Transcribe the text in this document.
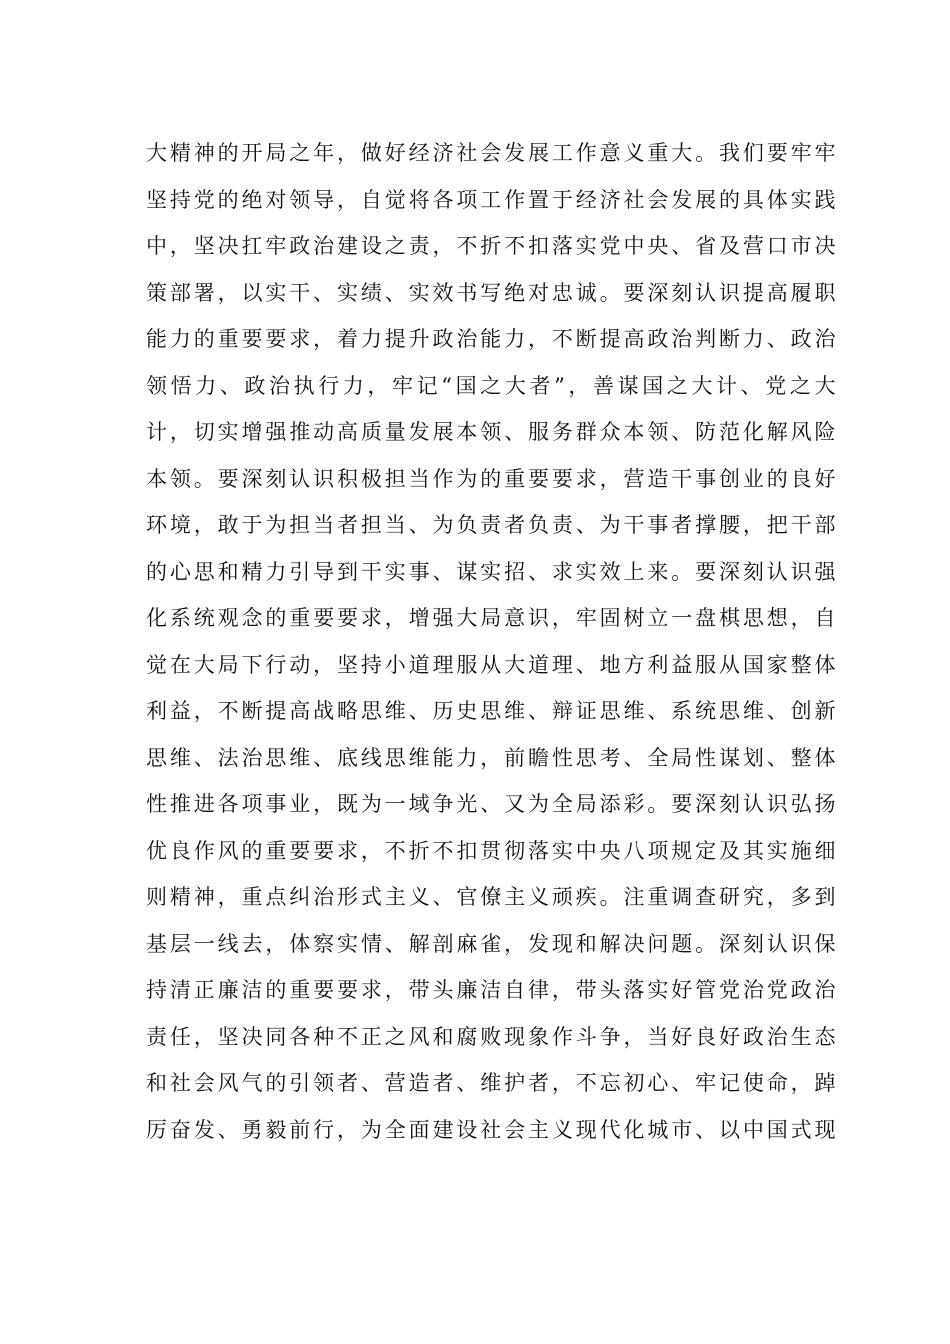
大精神的开局之年，做好经济社会发展工作意义重大。我们要牢牢
坚持党的绝对领导，自觉将各项工作置于经济社会发展的具体实践
中，坚决扛牢政治建设之责，不折不扣落实党中央、省及营口市决
策部署，以实干、实绩、实效书写绝对忠诚。要深刻认识提高履职
能力的重要要求，着力提升政治能力，不断提高政治判断力、政治
领悟力、政治执行力，牢记“国之大者”，善谋国之大计、党之大
计，切实增强推动高质量发展本领、服务群众本领、防范化解风险
本领。要深刻认识积极担当作为的重要要求，营造干事创业的良好
环境，敢于为担当者担当、为负责者负责、为干事者撑腰，把干部
的心思和精力引导到干实事、谋实招、求实效上来。要深刻认识强
化系统观念的重要要求，增强大局意识，牢固树立一盘棋思想，自
觉在大局下行动，坚持小道理服从大道理、地方利益服从国家整体
利益，不断提高战略思维、历史思维、辩证思维、系统思维、创新
思维、法治思维、底线思维能力，前瞻性思考、全局性谋划、整体
性推进各项事业，既为一域争光、又为全局添彩。要深刻认识弘扬
优良作风的重要要求，不折不扣贯彻落实中央八项规定及其实施细
则精神，重点纠治形式主义、官僚主义顽疾。注重调查研究，多到
基层一线去，体察实情、解剖麻雀，发现和解决问题。深刻认识保
持清正廉洁的重要要求，带头廉洁自律，带头落实好管党治党政治
责任，坚决同各种不正之风和腐败现象作斗争，当好良好政治生态
和社会风气的引领者、营造者、维护者，不忘初心、牢记使命，踔
厉奋发、勇毅前行，为全面建设社会主义现代化城市、以中国式现
